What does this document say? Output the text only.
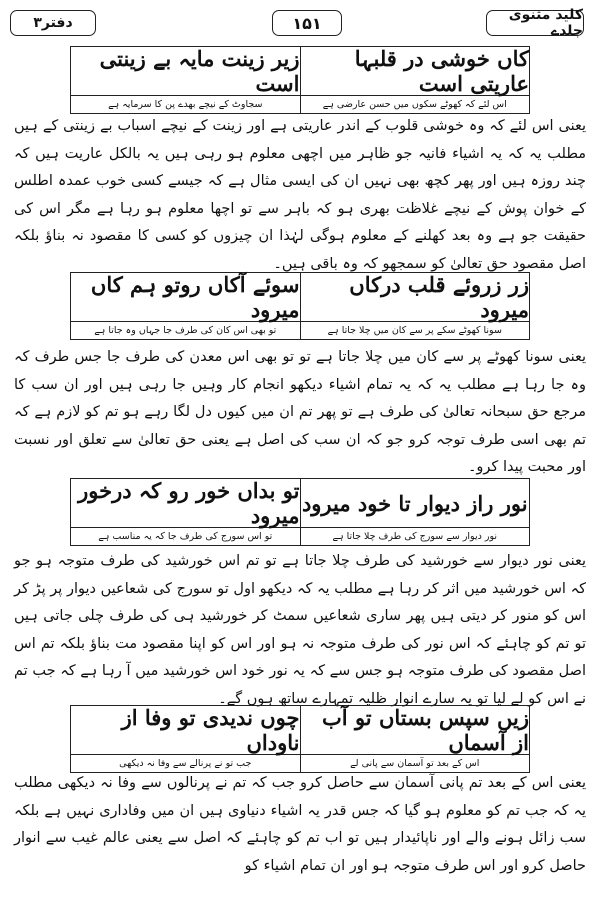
دفتر۳	۱۵۱	کلید مثنوی جلدے
کاں خوشی در قلبہا عاریتی است
زیر زینت مایہ بے زینتی است
اس لئے کہ کھوٹے سکوں میں حسن عارضی ہے
سجاوٹ کے نیچے بھدے پن کا سرمایہ ہے

یعنی اس لئے کہ وہ خوشی قلوب کے اندر عاریتی ہے اور زینت کے نیچے اسباب بے زینتی کے ہیں مطلب یہ کہ یہ اشیاء فانیہ جو ظاہر میں اچھی معلوم ہو رہی ہیں یہ بالکل عاریت ہیں کہ چند روزہ ہیں اور پھر کچھ بھی نہیں ان کی ایسی مثال ہے کہ جیسے کسی خوب عمدہ اطلس کے خوان پوش کے نیچے غلاظت بھری ہو کہ باہر سے تو اچھا معلوم ہو رہا ہے مگر اس کی حقیقت جو ہے وہ بعد کھلنے کے معلوم ہوگی لہٰذا ان چیزوں کو کسی کا مقصود نہ بناؤ بلکہ اصل مقصود حق تعالیٰ کو سمجھو کہ وہ باقی ہیں۔

زر زروئے قلب درکاں میرود
سوئے آکاں روتو ہم کاں میرود
سونا کھوٹے سکے پر سے کان میں چلا جاتا ہے
تو بھی اس کان کی طرف جا جہاں وہ جاتا ہے

یعنی سونا کھوٹے پر سے کان میں چلا جاتا ہے تو تو بھی اس معدن کی طرف جا جس طرف کہ وہ جا رہا ہے مطلب یہ کہ یہ تمام اشیاء دیکھو انجام کار وہیں جا رہی ہیں اور ان سب کا مرجع حق سبحانہ تعالیٰ کی طرف ہے تو پھر تم ان میں کیوں دل لگا رہے ہو تم کو لازم ہے کہ تم بھی اسی طرف توجہ کرو جو کہ ان سب کی اصل ہے یعنی حق تعالیٰ سے تعلق اور نسبت اور محبت پیدا کرو۔

نور راز دیوار تا خود میرود
تو بداں خور رو کہ درخور میرود
نور دیوار سے سورج کی طرف چلا جاتا ہے
تو اس سورج کی طرف جا کہ یہ مناسب ہے

یعنی نور دیوار سے خورشید کی طرف چلا جاتا ہے تو تم اس خورشید کی طرف متوجہ ہو جو کہ اس خورشید میں اثر کر رہا ہے مطلب یہ کہ دیکھو اول تو سورج کی شعاعیں دیوار پر پڑ کر اس کو منور کر دیتی ہیں پھر ساری شعاعیں سمٹ کر خورشید ہی کی طرف چلی جاتی ہیں تو تم کو چاہئے کہ اس نور کی طرف متوجہ نہ ہو اور اس کو اپنا مقصود مت بناؤ بلکہ تم اس اصل مقصود کی طرف متوجہ ہو جس سے کہ یہ نور خود اس خورشید میں آ رہا ہے کہ جب تم نے اس کو لے لیا تو یہ سارے انوار ظلیہ تمہارے ساتھ ہوں گے۔

زیں سپس بستاں تو آب از آسماں
چوں ندیدی تو وفا از ناوداں
اس کے بعد تو آسمان سے پانی لے
جب تو نے پرنالے سے وفا نہ دیکھی

یعنی اس کے بعد تم پانی آسمان سے حاصل کرو جب کہ تم نے پرنالوں سے وفا نہ دیکھی مطلب یہ کہ جب تم کو معلوم ہو گیا کہ جس قدر یہ اشیاء دنیاوی ہیں ان میں وفاداری نہیں ہے بلکہ سب زائل ہونے والے اور ناپائیدار ہیں تو اب تم کو چاہئے کہ اصل سے یعنی عالم غیب سے انوار حاصل کرو اور اس طرف متوجہ ہو اور ان تمام اشیاء کو
